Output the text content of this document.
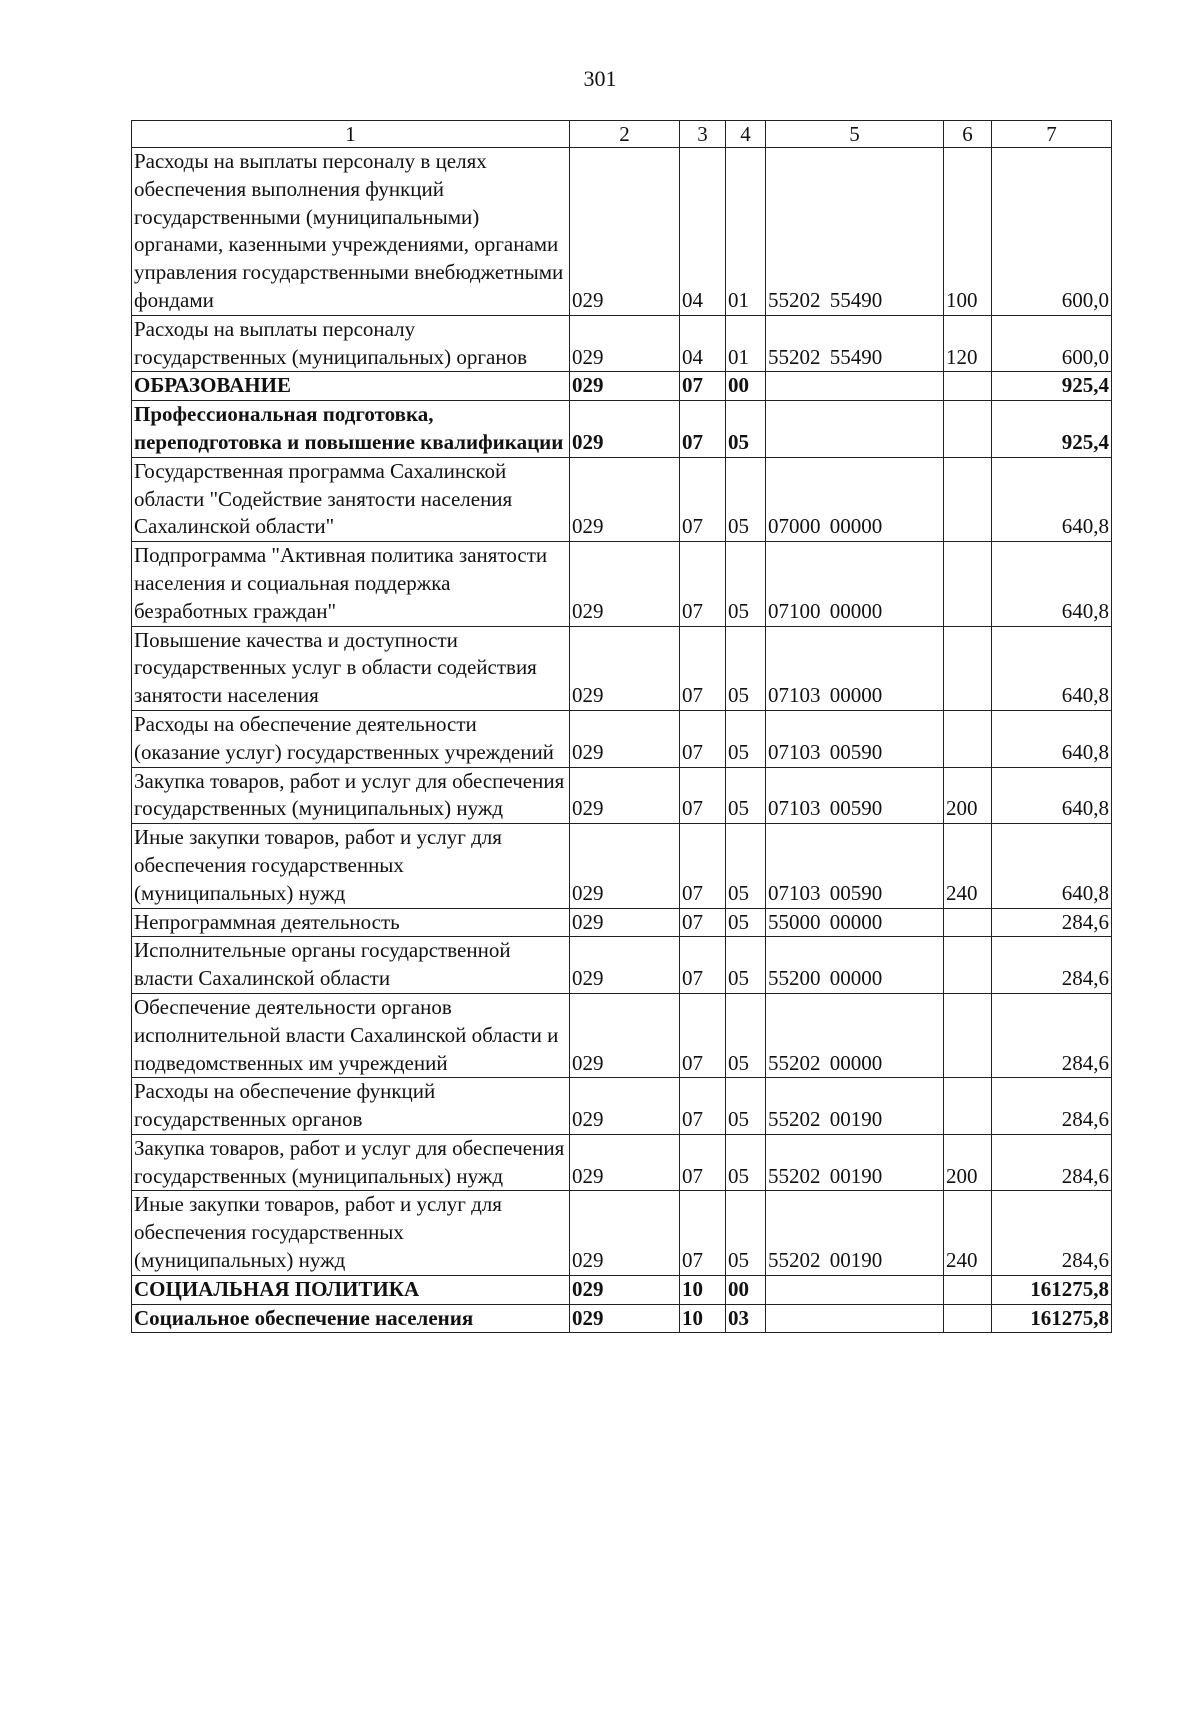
301
1	2	3	4	5	6	7
Расходы на выплаты персоналу в целях обеспечения выполнения функций государственными (муниципальными) органами, казенными учреждениями, органами управления государственными внебюджетными фондами	029	04	01	55202 55490	100	600,0
Расходы на выплаты персоналу государственных (муниципальных) органов	029	04	01	55202 55490	120	600,0
ОБРАЗОВАНИЕ	029	07	00			925,4
Профессиональная подготовка, переподготовка и повышение квалификации	029	07	05			925,4
Государственная программа Сахалинской области "Содействие занятости населения Сахалинской области"	029	07	05	07000 00000		640,8
Подпрограмма "Активная политика занятости населения и социальная поддержка безработных граждан"	029	07	05	07100 00000		640,8
Повышение качества и доступности государственных услуг в области содействия занятости населения	029	07	05	07103 00000		640,8
Расходы на обеспечение деятельности (оказание услуг) государственных учреждений	029	07	05	07103 00590		640,8
Закупка товаров, работ и услуг для обеспечения государственных (муниципальных) нужд	029	07	05	07103 00590	200	640,8
Иные закупки товаров, работ и услуг для обеспечения государственных (муниципальных) нужд	029	07	05	07103 00590	240	640,8
Непрограммная деятельность	029	07	05	55000 00000		284,6
Исполнительные органы государственной власти Сахалинской области	029	07	05	55200 00000		284,6
Обеспечение деятельности органов исполнительной власти Сахалинской области и подведомственных им учреждений	029	07	05	55202 00000		284,6
Расходы на обеспечение функций государственных органов	029	07	05	55202 00190		284,6
Закупка товаров, работ и услуг для обеспечения государственных (муниципальных) нужд	029	07	05	55202 00190	200	284,6
Иные закупки товаров, работ и услуг для обеспечения государственных (муниципальных) нужд	029	07	05	55202 00190	240	284,6
СОЦИАЛЬНАЯ ПОЛИТИКА	029	10	00			161275,8
Социальное обеспечение населения	029	10	03			161275,8
